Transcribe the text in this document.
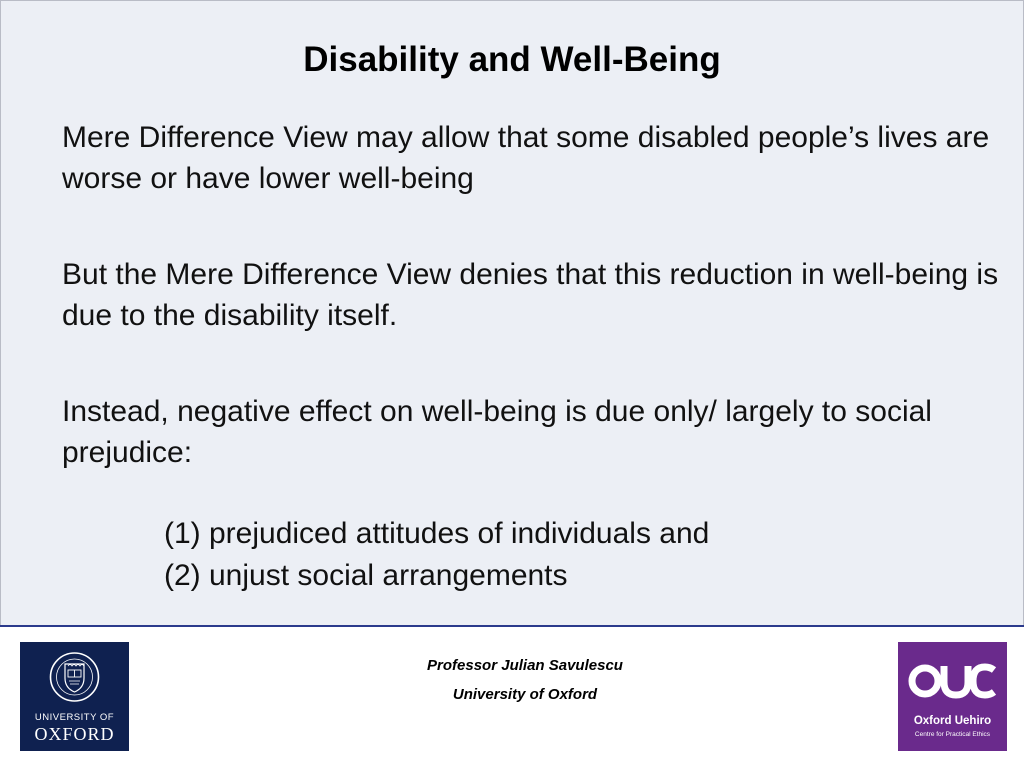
Disability and Well-Being

Mere Difference View may allow that some disabled people’s lives are worse or have lower well-being

But the Mere Difference View denies that this reduction in well-being is due to the disability itself.

Instead, negative effect on well-being is due only/ largely to social prejudice:

(1) prejudiced attitudes of individuals and
(2) unjust social arrangements
UNIVERSITY OF
OXFORD
Professor Julian Savulescu
University of Oxford
Oxford Uehiro
Centre for Practical Ethics
